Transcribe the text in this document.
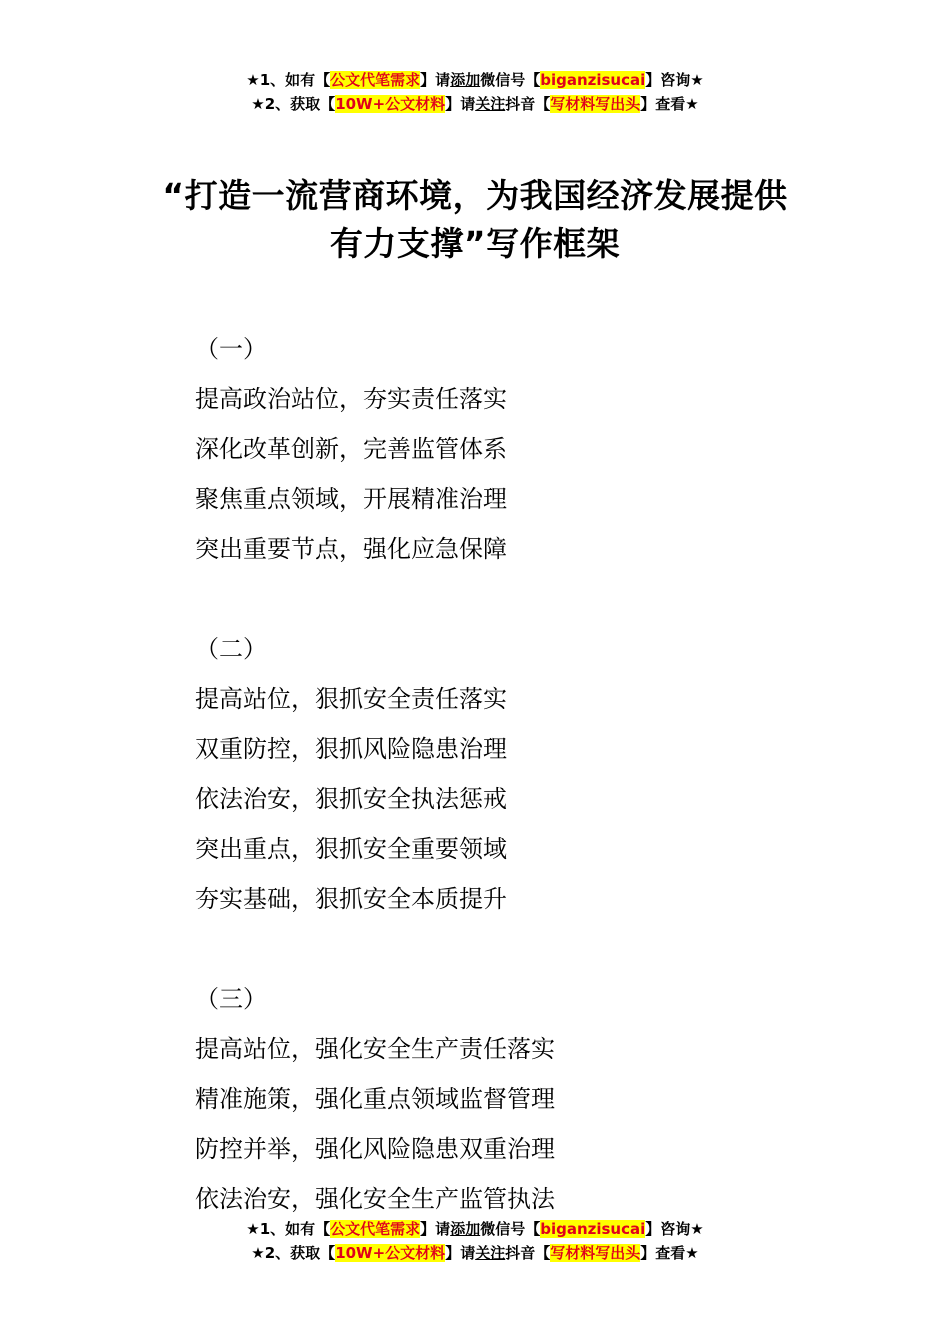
★1、如有【公文代笔需求】请添加微信号【biganzisucai】咨询★
★2、获取【10W+公文材料】请关注抖音【写材料写出头】查看★
“打造一流营商环境，为我国经济发展提供
有力支撑”写作框架

（一）

提高政治站位，夯实责任落实

深化改革创新，完善监管体系

聚焦重点领域，开展精准治理

突出重要节点，强化应急保障

（二）

提高站位，狠抓安全责任落实

双重防控，狠抓风险隐患治理

依法治安，狠抓安全执法惩戒

突出重点，狠抓安全重要领域

夯实基础，狠抓安全本质提升

（三）

提高站位，强化安全生产责任落实

精准施策，强化重点领域监督管理

防控并举，强化风险隐患双重治理

依法治安，强化安全生产监管执法

★1、如有【公文代笔需求】请添加微信号【biganzisucai】咨询★
★2、获取【10W+公文材料】请关注抖音【写材料写出头】查看★
